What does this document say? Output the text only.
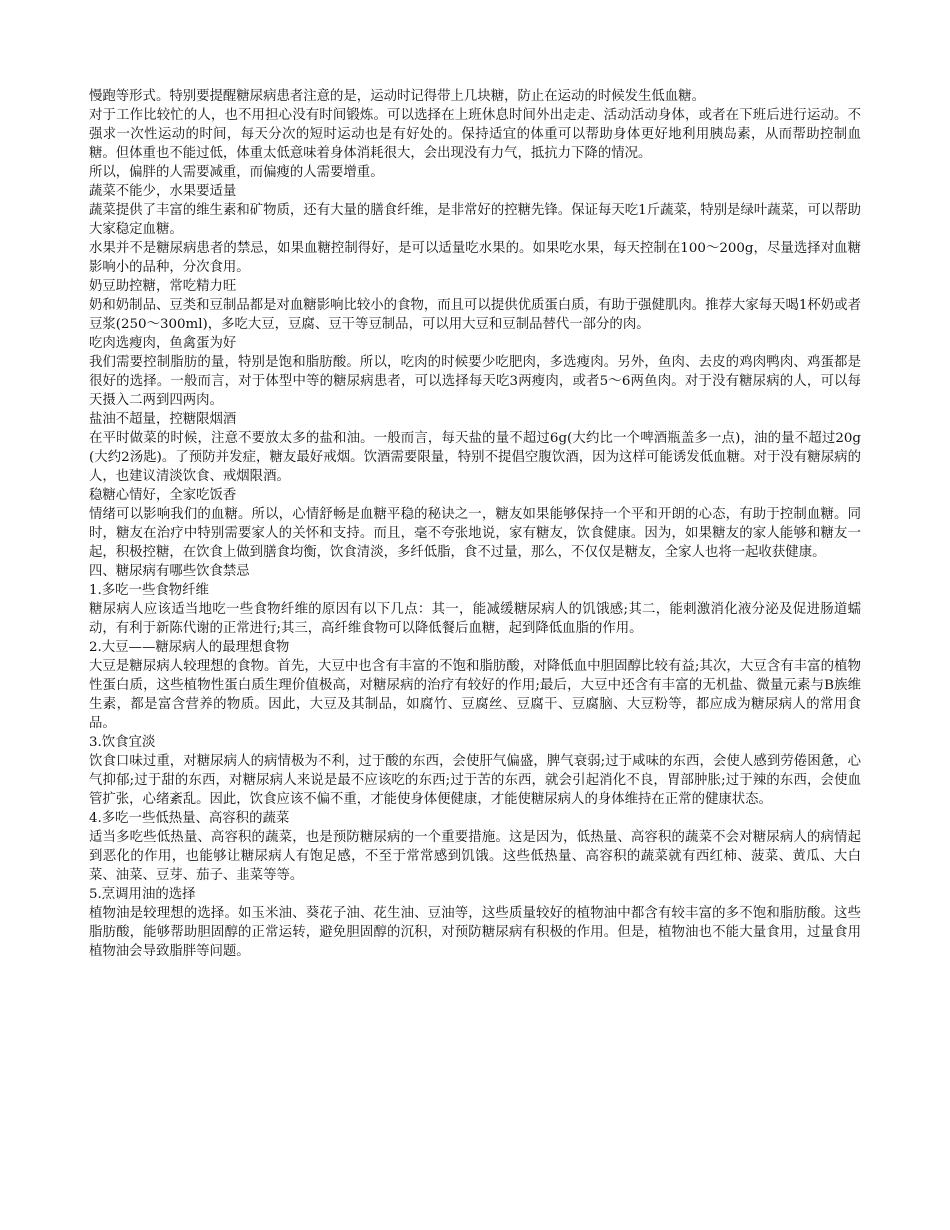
慢跑等形式。特别要提醒糖尿病患者注意的是，运动时记得带上几块糖，防止在运动的时候发生低血糖。

对于工作比较忙的人，也不用担心没有时间锻炼。可以选择在上班休息时间外出走走、活动活动身体，或者在下班后进行运动。不强求一次性运动的时间，每天分次的短时运动也是有好处的。保持适宜的体重可以帮助身体更好地利用胰岛素，从而帮助控制血糖。但体重也不能过低，体重太低意味着身体消耗很大，会出现没有力气，抵抗力下降的情况。

所以，偏胖的人需要减重，而偏瘦的人需要增重。

蔬菜不能少，水果要适量

蔬菜提供了丰富的维生素和矿物质，还有大量的膳食纤维，是非常好的控糖先锋。保证每天吃1斤蔬菜，特别是绿叶蔬菜，可以帮助大家稳定血糖。

水果并不是糖尿病患者的禁忌，如果血糖控制得好，是可以适量吃水果的。如果吃水果，每天控制在100～200g，尽量选择对血糖影响小的品种，分次食用。

奶豆助控糖，常吃精力旺

奶和奶制品、豆类和豆制品都是对血糖影响比较小的食物，而且可以提供优质蛋白质，有助于强健肌肉。推荐大家每天喝1杯奶或者豆浆(250～300ml)，多吃大豆，豆腐、豆干等豆制品，可以用大豆和豆制品替代一部分的肉。

吃肉选瘦肉，鱼禽蛋为好

我们需要控制脂肪的量，特别是饱和脂肪酸。所以，吃肉的时候要少吃肥肉，多选瘦肉。另外，鱼肉、去皮的鸡肉鸭肉、鸡蛋都是很好的选择。一般而言，对于体型中等的糖尿病患者，可以选择每天吃3两瘦肉，或者5～6两鱼肉。对于没有糖尿病的人，可以每天摄入二两到四两肉。

盐油不超量，控糖限烟酒

在平时做菜的时候，注意不要放太多的盐和油。一般而言，每天盐的量不超过6g(大约比一个啤酒瓶盖多一点)，油的量不超过20g(大约2汤匙)。了预防并发症，糖友最好戒烟。饮酒需要限量，特别不提倡空腹饮酒，因为这样可能诱发低血糖。对于没有糖尿病的人，也建议清淡饮食、戒烟限酒。

稳糖心情好，全家吃饭香

情绪可以影响我们的血糖。所以，心情舒畅是血糖平稳的秘诀之一，糖友如果能够保持一个平和开朗的心态，有助于控制血糖。同时，糖友在治疗中特别需要家人的关怀和支持。而且，毫不夸张地说，家有糖友，饮食健康。因为，如果糖友的家人能够和糖友一起，积极控糖，在饮食上做到膳食均衡，饮食清淡，多纤低脂，食不过量，那么，不仅仅是糖友，全家人也将一起收获健康。

四、糖尿病有哪些饮食禁忌

1.多吃一些食物纤维

糖尿病人应该适当地吃一些食物纤维的原因有以下几点：其一，能减缓糖尿病人的饥饿感;其二，能刺激消化液分泌及促进肠道蠕动，有利于新陈代谢的正常进行;其三，高纤维食物可以降低餐后血糖，起到降低血脂的作用。

2.大豆——糖尿病人的最理想食物

大豆是糖尿病人较理想的食物。首先，大豆中也含有丰富的不饱和脂肪酸，对降低血中胆固醇比较有益;其次，大豆含有丰富的植物性蛋白质，这些植物性蛋白质生理价值极高，对糖尿病的治疗有较好的作用;最后，大豆中还含有丰富的无机盐、微量元素与B族维生素，都是富含营养的物质。因此，大豆及其制品，如腐竹、豆腐丝、豆腐干、豆腐脑、大豆粉等，都应成为糖尿病人的常用食品。

3.饮食宜淡

饮食口味过重，对糖尿病人的病情极为不利，过于酸的东西，会使肝气偏盛，脾气衰弱;过于咸味的东西，会使人感到劳倦困惫，心气抑郁;过于甜的东西，对糖尿病人来说是最不应该吃的东西;过于苦的东西，就会引起消化不良，胃部肿胀;过于辣的东西，会使血管扩张，心绪紊乱。因此，饮食应该不偏不重，才能使身体便健康，才能使糖尿病人的身体维持在正常的健康状态。

4.多吃一些低热量、高容积的蔬菜

适当多吃些低热量、高容积的蔬菜，也是预防糖尿病的一个重要措施。这是因为，低热量、高容积的蔬菜不会对糖尿病人的病情起到恶化的作用，也能够让糖尿病人有饱足感，不至于常常感到饥饿。这些低热量、高容积的蔬菜就有西红柿、菠菜、黄瓜、大白菜、油菜、豆芽、茄子、韭菜等等。

5.烹调用油的选择

植物油是较理想的选择。如玉米油、葵花子油、花生油、豆油等，这些质量较好的植物油中都含有较丰富的多不饱和脂肪酸。这些脂肪酸，能够帮助胆固醇的正常运转，避免胆固醇的沉积，对预防糖尿病有积极的作用。但是，植物油也不能大量食用，过量食用植物油会导致脂胖等问题。
